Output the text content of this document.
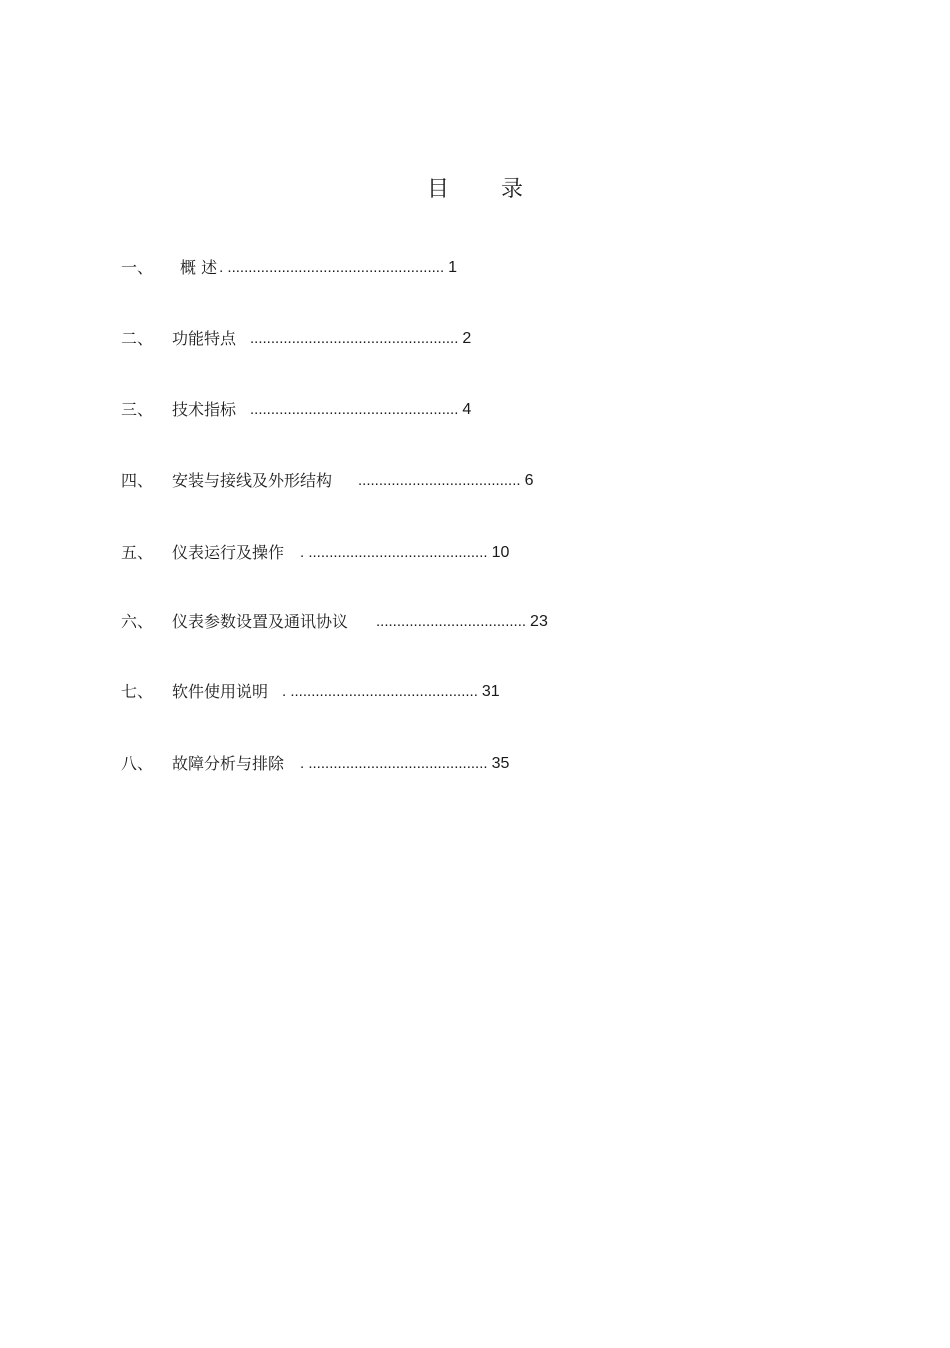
目 录
一、	概 述 . .................................................... 1
二、	功能特点 .................................................. 2
三、	技术指标 .................................................. 4
四、	安装与接线及外形结构 ....................................... 6
五、	仪表运行及操作 . ........................................... 10
六、	仪表参数设置及通讯协议 .................................... 23
七、	软件使用说明 . ............................................. 31
八、	故障分析与排除 . ........................................... 35
